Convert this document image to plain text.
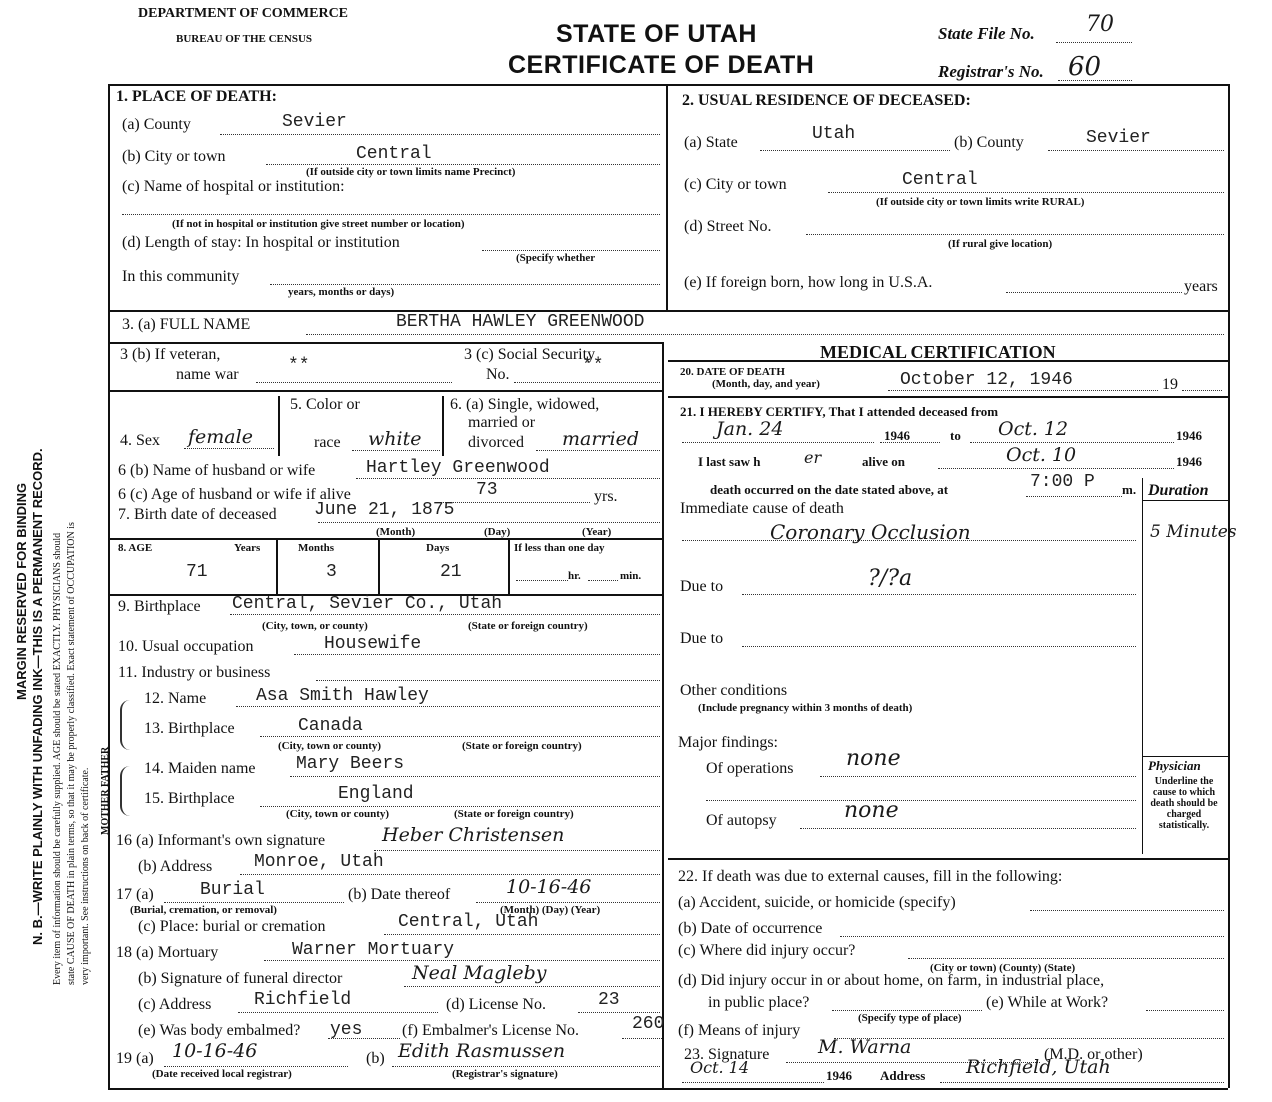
MARGIN RESERVED FOR BINDING N. B.—WRITE PLAINLY WITH UNFADING INK—THIS IS A PERMANENT RECORD. Every item of information should be carefully supplied. AGE should be stated EXACTLY. PHYSICIANS should state CAUSE OF DEATH in plain terms, so that it may be properly classified. Exact statement of OCCUPATION is very important. See instructions on back of certificate. MOTHER FATHER
DEPARTMENT OF COMMERCE
BUREAU OF THE CENSUS	STATE OF UTAH
CERTIFICATE OF DEATH
State File No. 70
Registrar's No. 60
1. PLACE OF DEATH:
(a) County	Sevier
(b) City or town	Central
(If outside city or town limits name Precinct)
(c) Name of hospital or institution:
(If not in hospital or institution give street number or location)
(d) Length of stay: In hospital or institution
(Specify whether
In this community
years, months or days)
2. USUAL RESIDENCE OF DECEASED:
(a) State	Utah	(b) County	Sevier
(c) City or town	Central
(If outside city or town limits write RURAL)
(d) Street No.
(If rural give location)
(e) If foreign born, how long in U.S.A.	years
3. (a) FULL NAME	BERTHA HAWLEY GREENWOOD
3 (b) If veteran,
name war	**
3 (c) Social Security
No.	**
4. Sex female
5. Color or
race white
6. (a) Single, widowed,
married or
divorced married
6 (b) Name of husband or wife	Hartley Greenwood
6 (c) Age of husband or wife if alive	73	yrs.
7. Birth date of deceased June 21, 1875
(Month)	(Day)	(Year)
8. AGE	Years	Months	Days	If less than one day
71	3	21	hr.	min.
9. Birthplace Central, Sevier Co., Utah
(City, town, or county)	(State or foreign country)
10. Usual occupation	Housewife
11. Industry or business
12. Name	Asa Smith Hawley
13. Birthplace	Canada
(City, town or county)	(State or foreign country)
14. Maiden name Mary Beers
15. Birthplace	England
(City, town or county)	(State or foreign country)
16 (a) Informant's own signature	Heber Christensen
(b) Address Monroe, Utah
17 (a)	Burial	(b) Date thereof	10-16-46
(Burial, cremation, or removal)	(Month) (Day) (Year)
(c) Place: burial or cremation	Central, Utah
18 (a) Mortuary	Warner Mortuary
(b) Signature of funeral director	Neal Magleby
(c) Address Richfield	(d) License No.	23
(e) Was body embalmed? yes (f) Embalmer's License No.	260
19 (a) 10-16-46	(b) Edith Rasmussen
(Date received local registrar)	(Registrar's signature)
MEDICAL CERTIFICATION
20. DATE OF DEATH
(Month, day, and year)	October 12, 1946	19
21. I HEREBY CERTIFY, That I attended deceased from
Jan. 24	1946	to Oct. 12	1946
I last saw h	er	alive on	Oct. 10	1946
death occurred on the date stated above, at	7:00 P m. Duration
Immediate cause of death
Coronary Occlusion	5 Minutes
Due to	?/?a
Due to
Other conditions
(Include pregnancy within 3 months of death)
Major findings:
Of operations none
Of autopsy	none
Physician
Underline the cause to which death should be charged statistically.
22. If death was due to external causes, fill in the following:
(a) Accident, suicide, or homicide (specify)
(b) Date of occurrence
(c) Where did injury occur?
(City or town) (County) (State)
(d) Did injury occur in or about home, on farm, in industrial place,
in public place?	(e) While at Work?
(Specify type of place)
(f) Means of injury
23. Signature	M. Warna	(M.D. or other)
Oct. 14	1946 Address Richfield, Utah
